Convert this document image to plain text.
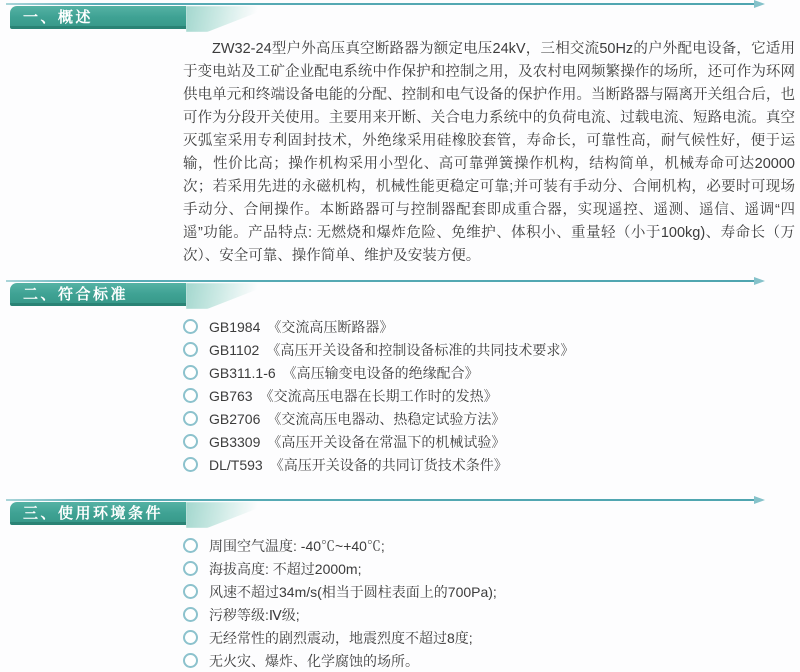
一、概述

ZW32-24型户外高压真空断路器为额定电压24kV，三相交流50Hz的户外配电设备，它适用于变电站及工矿企业配电系统中作保护和控制之用，及农村电网频繁操作的场所，还可作为环网供电单元和终端设备电能的分配、控制和电气设备的保护作用。当断路器与隔离开关组合后，也可作为分段开关使用。主要用来开断、关合电力系统中的负荷电流、过载电流、短路电流。真空灭弧室采用专利固封技术，外绝缘采用硅橡胶套管，寿命长，可靠性高，耐气候性好，便于运输，性价比高；操作机构采用小型化、高可靠弹簧操作机构，结构简单，机械寿命可达20000次；若采用先进的永磁机构，机械性能更稳定可靠;并可装有手动分、合闸机构，必要时可现场手动分、合闸操作。本断路器可与控制器配套即成重合器，实现遥控、遥测、遥信、遥调“四遥”功能。产品特点: 无燃烧和爆炸危险、免维护、体积小、重量轻（小于100kg)、寿命长（万次）、安全可靠、操作简单、维护及安装方便。

二、符合标准
GB1984 《交流高压断路器》
GB1102 《高压开关设备和控制设备标准的共同技术要求》
GB311.1-6 《高压输变电设备的绝缘配合》
GB763 《交流高压电器在长期工作时的发热》
GB2706 《交流高压电器动、热稳定试验方法》
GB3309 《高压开关设备在常温下的机械试验》
DL/T593 《高压开关设备的共同订货技术条件》
三、使用环境条件
周围空气温度: -40℃~+40℃;
海拔高度: 不超过2000m;
风速不超过34m/s(相当于圆柱表面上的700Pa);
污秽等级:Ⅳ级;
无经常性的剧烈震动，地震烈度不超过8度;
无火灾、爆炸、化学腐蚀的场所。
